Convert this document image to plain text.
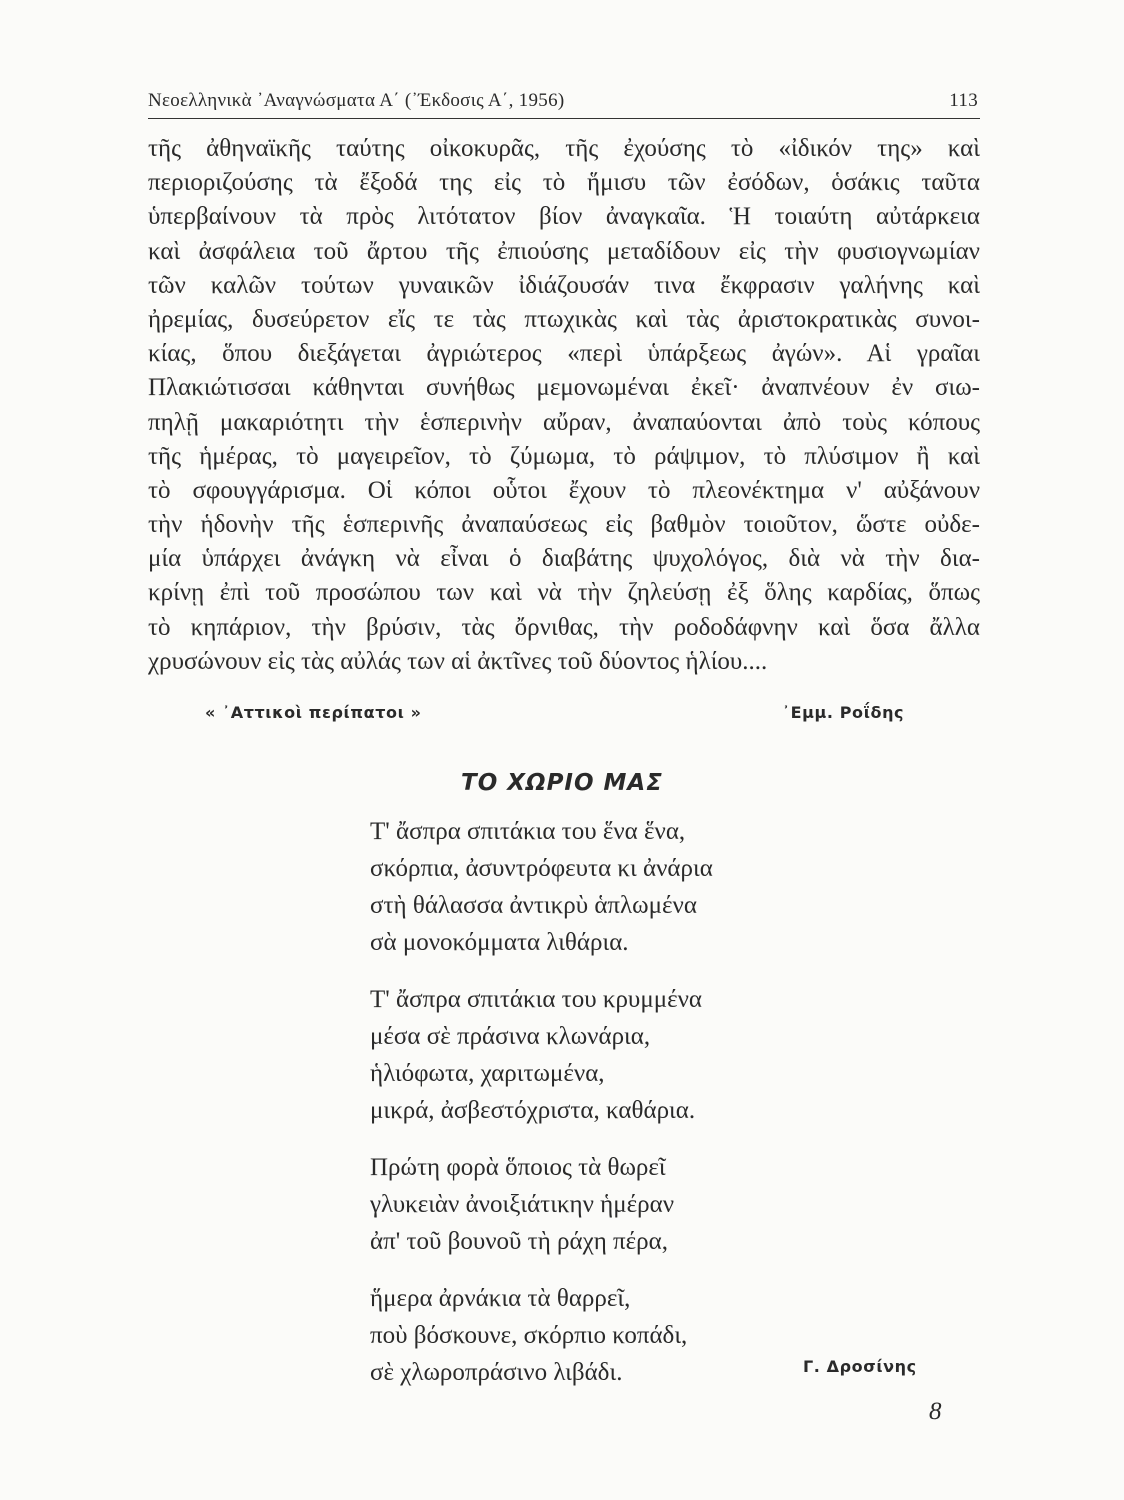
Νεοελληνικὰ ᾿Αναγνώσματα Α΄ (᾿Έκδοσις Α΄, 1956)	113
τῆς ἀθηναϊκῆς ταύτης οἰκοκυρᾶς, τῆς ἐχούσης τὸ «ἰδικόν της» καὶ
περιοριζούσης τὰ ἔξοδά της εἰς τὸ ἥμισυ τῶν ἐσόδων, ὁσάκις ταῦτα
ὑπερβαίνουν τὰ πρὸς λιτότατον βίον ἀναγκαῖα. Ἡ τοιαύτη αὐτάρκεια
καὶ ἀσφάλεια τοῦ ἄρτου τῆς ἐπιούσης μεταδίδουν εἰς τὴν φυσιογνωμίαν
τῶν καλῶν τούτων γυναικῶν ἰδιάζουσάν τινα ἔκφρασιν γαλήνης καὶ
ἠρεμίας, δυσεύρετον εἴς τε τὰς πτωχικὰς καὶ τὰς ἀριστοκρατικὰς συνοι-
κίας, ὅπου διεξάγεται ἀγριώτερος «περὶ ὑπάρξεως ἀγών». Αἱ γραῖαι
Πλακιώτισσαι κάθηνται συνήθως μεμονωμέναι ἐκεῖ· ἀναπνέουν ἐν σιω-
πηλῇ μακαριότητι τὴν ἑσπερινὴν αὔραν, ἀναπαύονται ἀπὸ τοὺς κόπους
τῆς ἡμέρας, τὸ μαγειρεῖον, τὸ ζύμωμα, τὸ ράψιμον, τὸ πλύσιμον ἢ καὶ
τὸ σφουγγάρισμα. Οἱ κόποι οὗτοι ἔχουν τὸ πλεονέκτημα ν' αὐξάνουν
τὴν ἡδονὴν τῆς ἑσπερινῆς ἀναπαύσεως εἰς βαθμὸν τοιοῦτον, ὥστε οὐδε-
μία ὑπάρχει ἀνάγκη νὰ εἶναι ὁ διαβάτης ψυχολόγος, διὰ νὰ τὴν δια-
κρίνῃ ἐπὶ τοῦ προσώπου των καὶ νὰ τὴν ζηλεύσῃ ἐξ ὅλης καρδίας, ὅπως
τὸ κηπάριον, τὴν βρύσιν, τὰς ὄρνιθας, τὴν ροδοδάφνην καὶ ὅσα ἄλλα
χρυσώνουν εἰς τὰς αὐλάς των αἱ ἀκτῖνες τοῦ δύοντος ἡλίου....
« ᾿Αττικοὶ περίπατοι »	᾿Εμμ. Ροΐδης
ΤΟ ΧΩΡΙΟ ΜΑΣ
Τ' ἄσπρα σπιτάκια του ἕνα ἕνα,
σκόρπια, ἀσυντρόφευτα κι ἀνάρια
στὴ θάλασσα ἀντικρὺ ἁπλωμένα
σὰ μονοκόμματα λιθάρια.
Τ' ἄσπρα σπιτάκια του κρυμμένα
μέσα σὲ πράσινα κλωνάρια,
ἡλιόφωτα, χαριτωμένα,
μικρά, ἀσβεστόχριστα, καθάρια.
Πρώτη φορὰ ὅποιος τὰ θωρεῖ
γλυκειὰν ἀνοιξιάτικην ἡμέραν
ἀπ' τοῦ βουνοῦ τὴ ράχη πέρα,
ἥμερα ἀρνάκια τὰ θαρρεῖ,
ποὺ βόσκουνε, σκόρπιο κοπάδι,
σὲ χλωροπράσινο λιβάδι.	Γ. Δροσίνης
8
